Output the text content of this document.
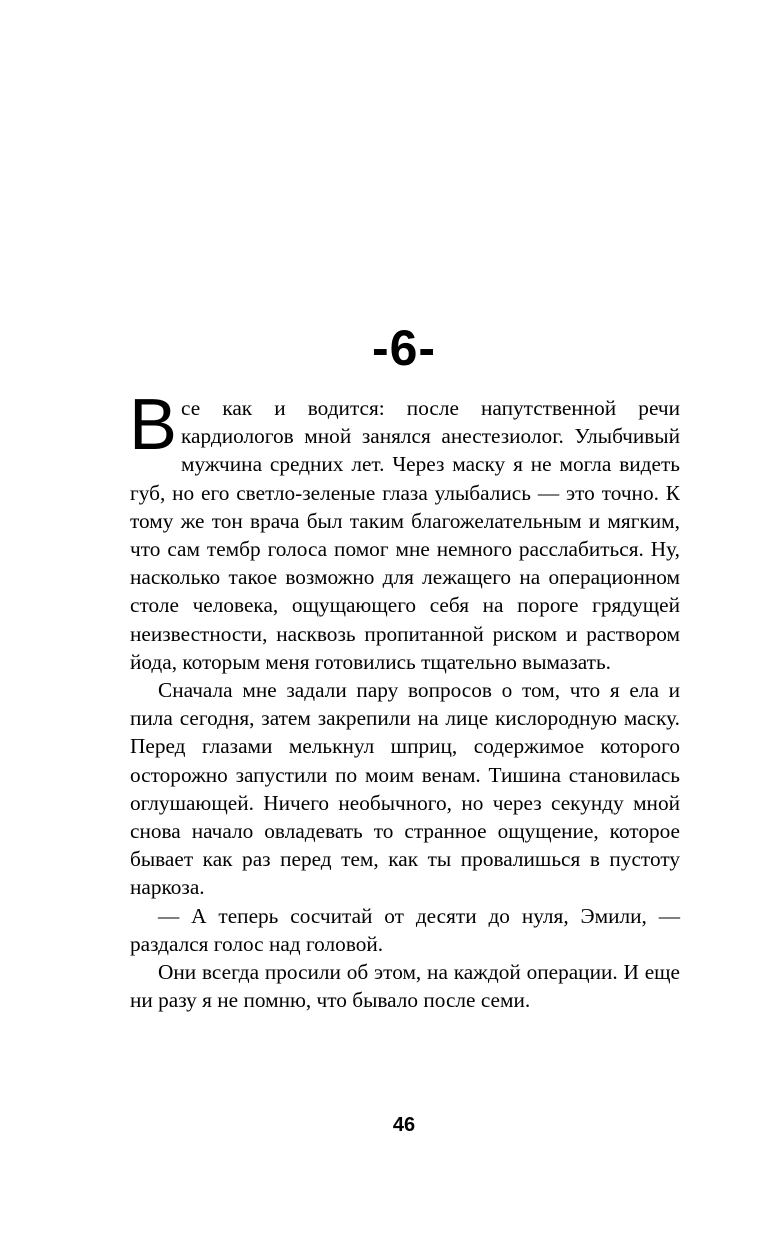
-6-

Все как и водится: после напутственной речи кардиологов мной занялся анестезиолог. Улыбчивый мужчина средних лет. Через маску я не могла видеть губ, но его светло-зеленые глаза улыбались — это точно. К тому же тон врача был таким благожелательным и мягким, что сам тембр голоса помог мне немного расслабиться. Ну, насколько такое возможно для лежащего на операционном столе человека, ощущающего себя на пороге грядущей неизвестности, насквозь пропитанной риском и раствором йода, которым меня готовились тщательно вымазать.

Сначала мне задали пару вопросов о том, что я ела и пила сегодня, затем закрепили на лице кислородную маску. Перед глазами мелькнул шприц, содержимое которого осторожно запустили по моим венам. Тишина становилась оглушающей. Ничего необычного, но через секунду мной снова начало овладевать то странное ощущение, которое бывает как раз перед тем, как ты провалишься в пустоту наркоза.

— А теперь сосчитай от десяти до нуля, Эмили, — раздался голос над головой.

Они всегда просили об этом, на каждой операции. И еще ни разу я не помню, что бывало после семи.

46
